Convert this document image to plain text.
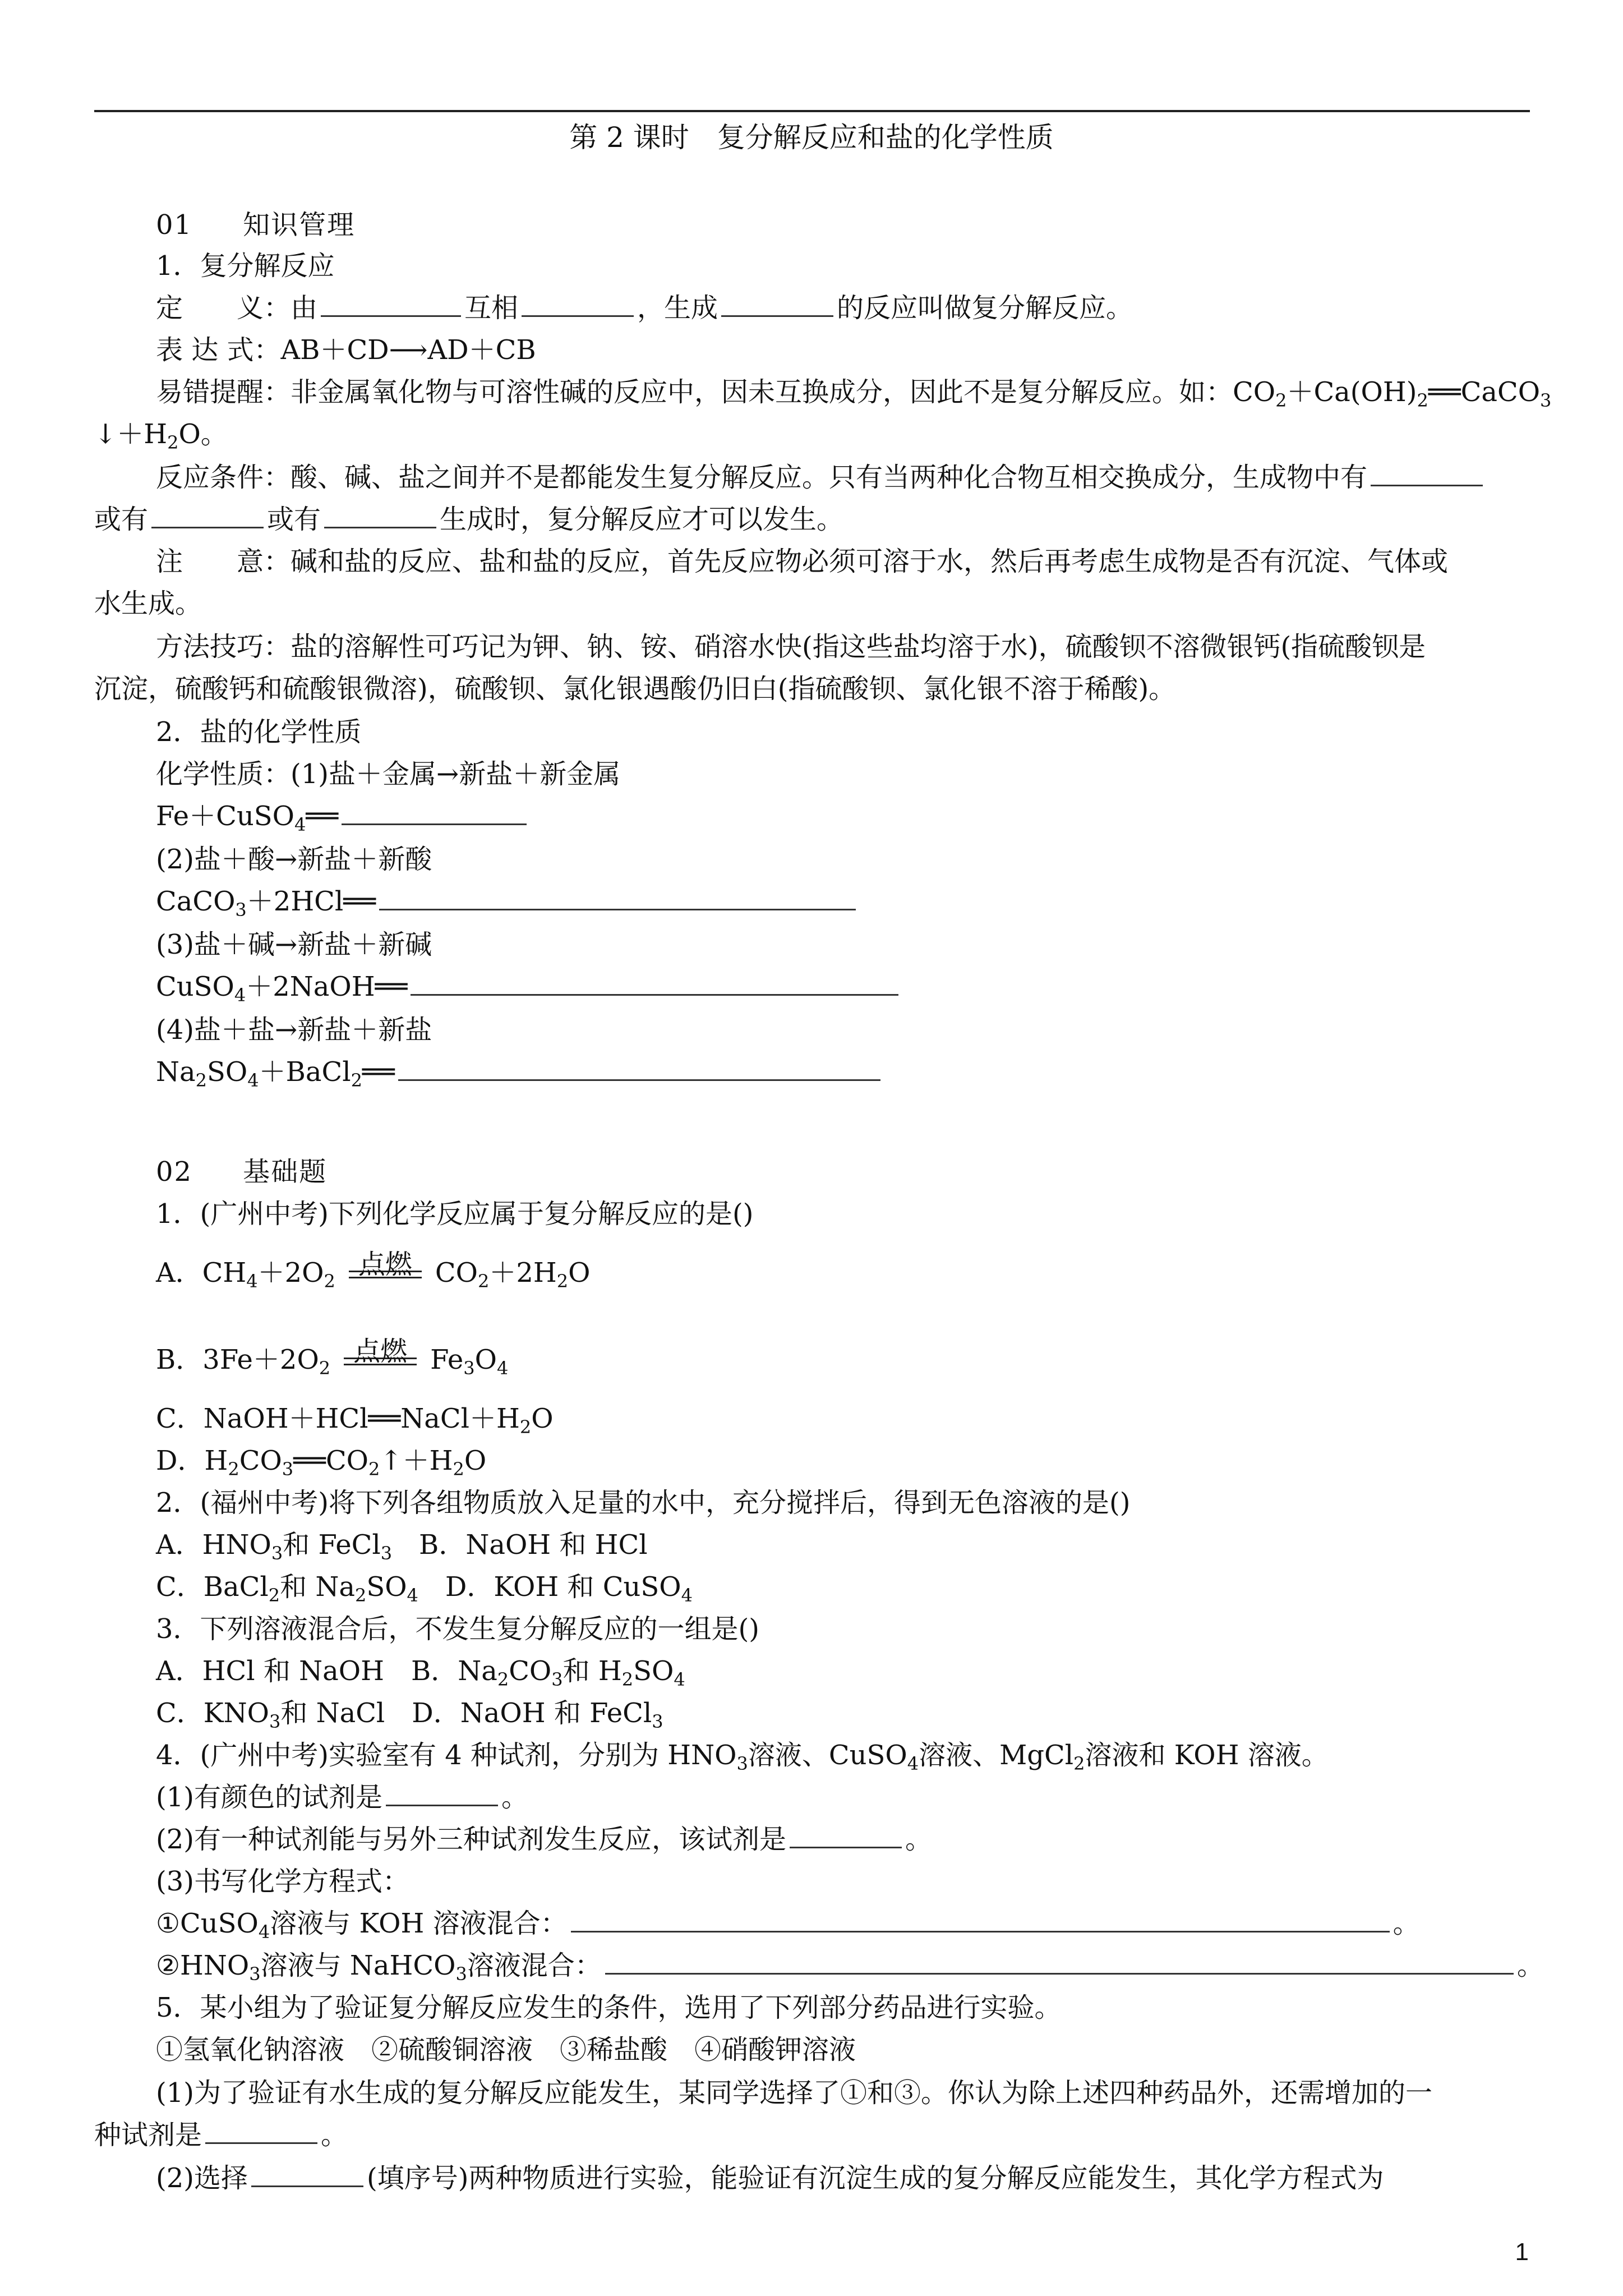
第 2 课时　复分解反应和盐的化学性质
01 知识管理
1．复分解反应
定　　义：由	互相	，生成	的反应叫做复分解反应。
表 达 式：AB＋CD⟶AD＋CB
易错提醒：非金属氧化物与可溶性碱的反应中，因未互换成分，因此不是复分解反应。如：$CO_2+Ca(OH)_2══CaCO_3$
$↓+H_2O$。
反应条件：酸、碱、盐之间并不是都能发生复分解反应。只有当两种化合物互相交换成分，生成物中有
或有	或有	生成时，复分解反应才可以发生。
注　　意：碱和盐的反应、盐和盐的反应，首先反应物必须可溶于水，然后再考虑生成物是否有沉淀、气体或
水生成。
方法技巧：盐的溶解性可巧记为钾、钠、铵、硝溶水快(指这些盐均溶于水)，硫酸钡不溶微银钙(指硫酸钡是
沉淀，硫酸钙和硫酸银微溶)，硫酸钡、氯化银遇酸仍旧白(指硫酸钡、氯化银不溶于稀酸)。
2．盐的化学性质
化学性质：(1)盐＋金属→新盐＋新金属
Fe＋CuSO$_4$══
(2)盐＋酸→新盐＋新酸
CaCO$_3$＋2HCl══
(3)盐＋碱→新盐＋新碱
CuSO$_4$＋2NaOH══
(4)盐＋盐→新盐＋新盐
$Na_2SO_4+BaCl_2══$
02 基础题
1．(广州中考)下列化学反应属于复分解反应的是()
A．$CH_4+2O_2$
点燃 $CO_2+2H_2O$
B．$3Fe+2O_2$
点燃 $Fe_3O_4$
C．$NaOH+HCl══NaCl+H_2O$
D．$H_2CO_3══CO_2↑+H_2O$
2．(福州中考)将下列各组物质放入足量的水中，充分搅拌后，得到无色溶液的是()
A．$HNO_3$和 FeCl$_3$　B．NaOH 和 HCl
C．BaCl$_2$和 $Na_2SO_4$　D．KOH 和 CuSO$_4$
3．下列溶液混合后，不发生复分解反应的一组是()
A．HCl 和 NaOH　B．$Na_2CO_3$和 $H_2SO_4$
C．$KNO_3$和 NaCl　D．NaOH 和 FeCl$_3$
4．(广州中考)实验室有 4 种试剂，分别为 $HNO_3$溶液、CuSO$_4$溶液、MgCl$_2$溶液和 KOH 溶液。
(1)有颜色的试剂是	。
(2)有一种试剂能与另外三种试剂发生反应，该试剂是	。
(3)书写化学方程式：
①CuSO$_4$溶液与 KOH 溶液混合：	。
$②HNO_3$溶液与 NaHCO$_3$溶液混合：	。
5．某小组为了验证复分解反应发生的条件，选用了下列部分药品进行实验。
①氢氧化钠溶液　②硫酸铜溶液　③稀盐酸　④硝酸钾溶液
(1)为了验证有水生成的复分解反应能发生，某同学选择了①和③。你认为除上述四种药品外，还需增加的一
种试剂是	。
(2)选择	(填序号)两种物质进行实验，能验证有沉淀生成的复分解反应能发生，其化学方程式为
1
